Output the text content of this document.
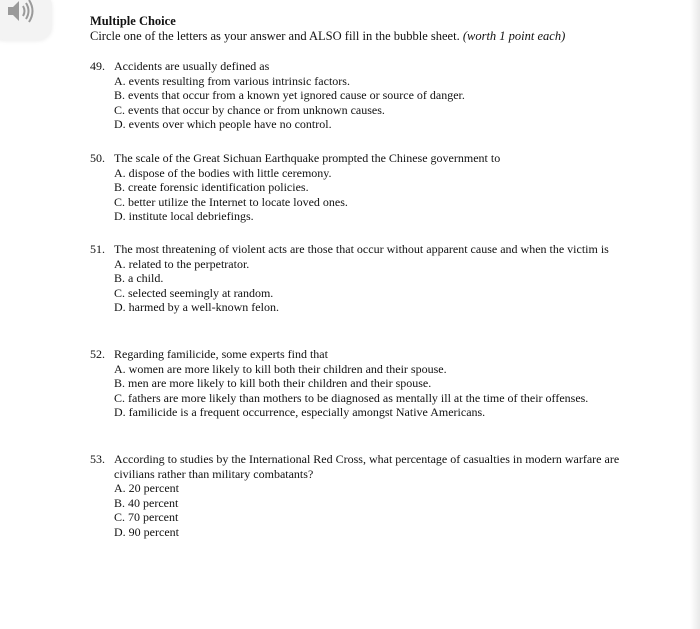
Multiple Choice
Circle one of the letters as your answer and ALSO fill in the bubble sheet. (worth 1 point each)
49. Accidents are usually defined as
A. events resulting from various intrinsic factors.
B. events that occur from a known yet ignored cause or source of danger.
C. events that occur by chance or from unknown causes.
D. events over which people have no control.
50. The scale of the Great Sichuan Earthquake prompted the Chinese government to
A. dispose of the bodies with little ceremony.
B. create forensic identification policies.
C. better utilize the Internet to locate loved ones.
D. institute local debriefings.
51. The most threatening of violent acts are those that occur without apparent cause and when the victim is
A. related to the perpetrator.
B. a child.
C. selected seemingly at random.
D. harmed by a well-known felon.
52. Regarding familicide, some experts find that
A. women are more likely to kill both their children and their spouse.
B. men are more likely to kill both their children and their spouse.
C. fathers are more likely than mothers to be diagnosed as mentally ill at the time of their offenses.
D. familicide is a frequent occurrence, especially amongst Native Americans.
53. According to studies by the International Red Cross, what percentage of casualties in modern warfare are civilians rather than military combatants?
A. 20 percent
B. 40 percent
C. 70 percent
D. 90 percent
